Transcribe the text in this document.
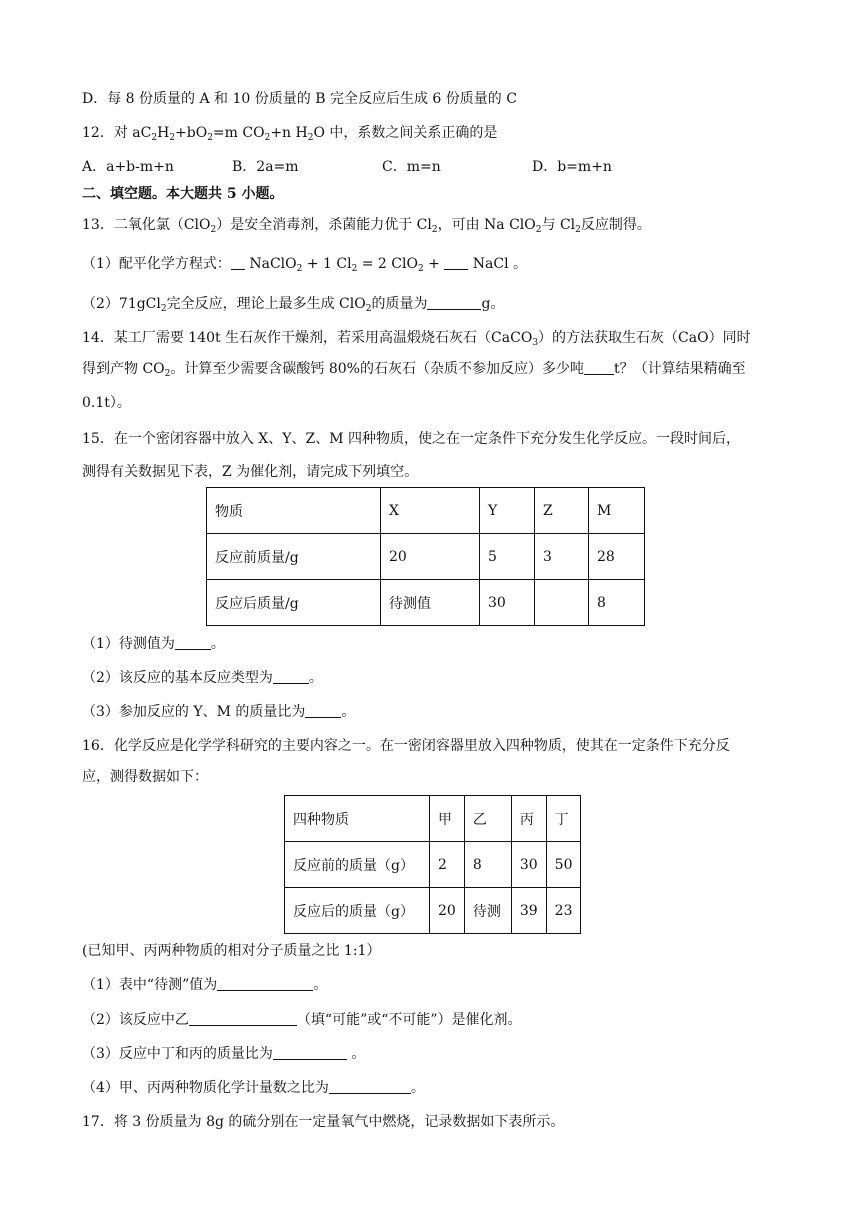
D．每 8 份质量的 A 和 10 份质量的 B 完全反应后生成 6 份质量的 C
12．对 $aC_2H_2+bO_2=m$ $CO_2+n$ $H_2O$ 中，系数之间关系正确的是
A．a+b-m+n	B．2a=m	C．m=n	D．b=m+n
二、填空题。本大题共 5 小题。
13．二氧化氯（ClO$_2$）是安全消毒剂，杀菌能力优于 $Cl_2$，可由 Na ClO$_2$与 $Cl_2$反应制得。
（1）配平化学方程式： NaClO$_2$ + 1 $Cl_2 = 2$ ClO$_2$ +  NaCl 。
（2）71gCl$_2$完全反应，理论上最多生成 ClO$_2$的质量为	g。
14．某工厂需要 140t 生石灰作干燥剂，若采用高温煅烧石灰石（CaCO$_3$）的方法获取生石灰（CaO）同时
得到产物 $CO_2$。计算至少需要含碳酸钙 80%的石灰石（杂质不参加反应）多少吨 t？（计算结果精确至
0.1t）。
15．在一个密闭容器中放入 X、Y、Z、M 四种物质，使之在一定条件下充分发生化学反应。一段时间后，
测得有关数据见下表，Z 为催化剂，请完成下列填空。
物质	X	Y	Z	M
反应前质量/g	20	5	3	28
反应后质量/g	待测值	30		8
（1）待测值为	。
（2）该反应的基本反应类型为	。
（3）参加反应的 Y、M 的质量比为	。
16．化学反应是化学学科研究的主要内容之一。在一密闭容器里放入四种物质，使其在一定条件下充分反
应，测得数据如下：
四种物质	甲	乙	丙	丁
反应前的质量（g）	2	8	30	50
反应后的质量（g）	20	待测	39	23
(已知甲、丙两种物质的相对分子质量之比 1:1）
（1）表中“待测”值为	。
（2）该反应中乙	（填“可能”或“不可能”）是催化剂。
（3）反应中丁和丙的质量比为	。
（4）甲、丙两种物质化学计量数之比为	。
17．将 3 份质量为 8g 的硫分别在一定量氧气中燃烧，记录数据如下表所示。
